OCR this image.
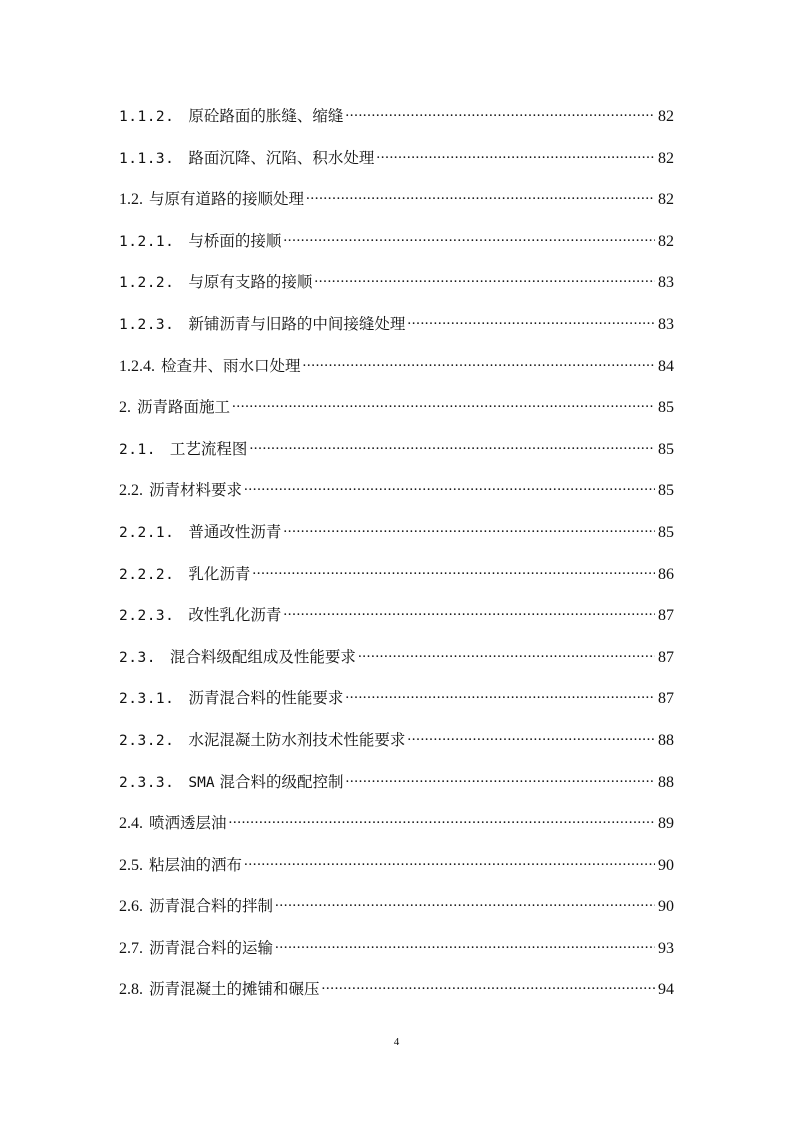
1.1.2. 原砼路面的胀缝、缩缝 .....	82
1.1.3. 路面沉降、沉陷、积水处理 .....	82
1.2. 与原有道路的接顺处理 .....	82
1.2.1. 与桥面的接顺 .....	82
1.2.2. 与原有支路的接顺 .....	83
1.2.3. 新铺沥青与旧路的中间接缝处理 .....	83
1.2.4. 检查井、雨水口处理 .....	84
2. 沥青路面施工 .....	85
2.1. 工艺流程图 .....	85
2.2. 沥青材料要求 .....	85
2.2.1. 普通改性沥青 .....	85
2.2.2. 乳化沥青 .....	86
2.2.3. 改性乳化沥青 .....	87
2.3. 混合料级配组成及性能要求 .....	87
2.3.1. 沥青混合料的性能要求 .....	87
2.3.2. 水泥混凝土防水剂技术性能要求 .....	88
2.3.3. SMA 混合料的级配控制 .....	88
2.4. 喷洒透层油 .....	89
2.5. 粘层油的洒布 .....	90
2.6. 沥青混合料的拌制 .....	90
2.7. 沥青混合料的运输 .....	93
2.8. 沥青混凝土的摊铺和碾压 .....	94
4
